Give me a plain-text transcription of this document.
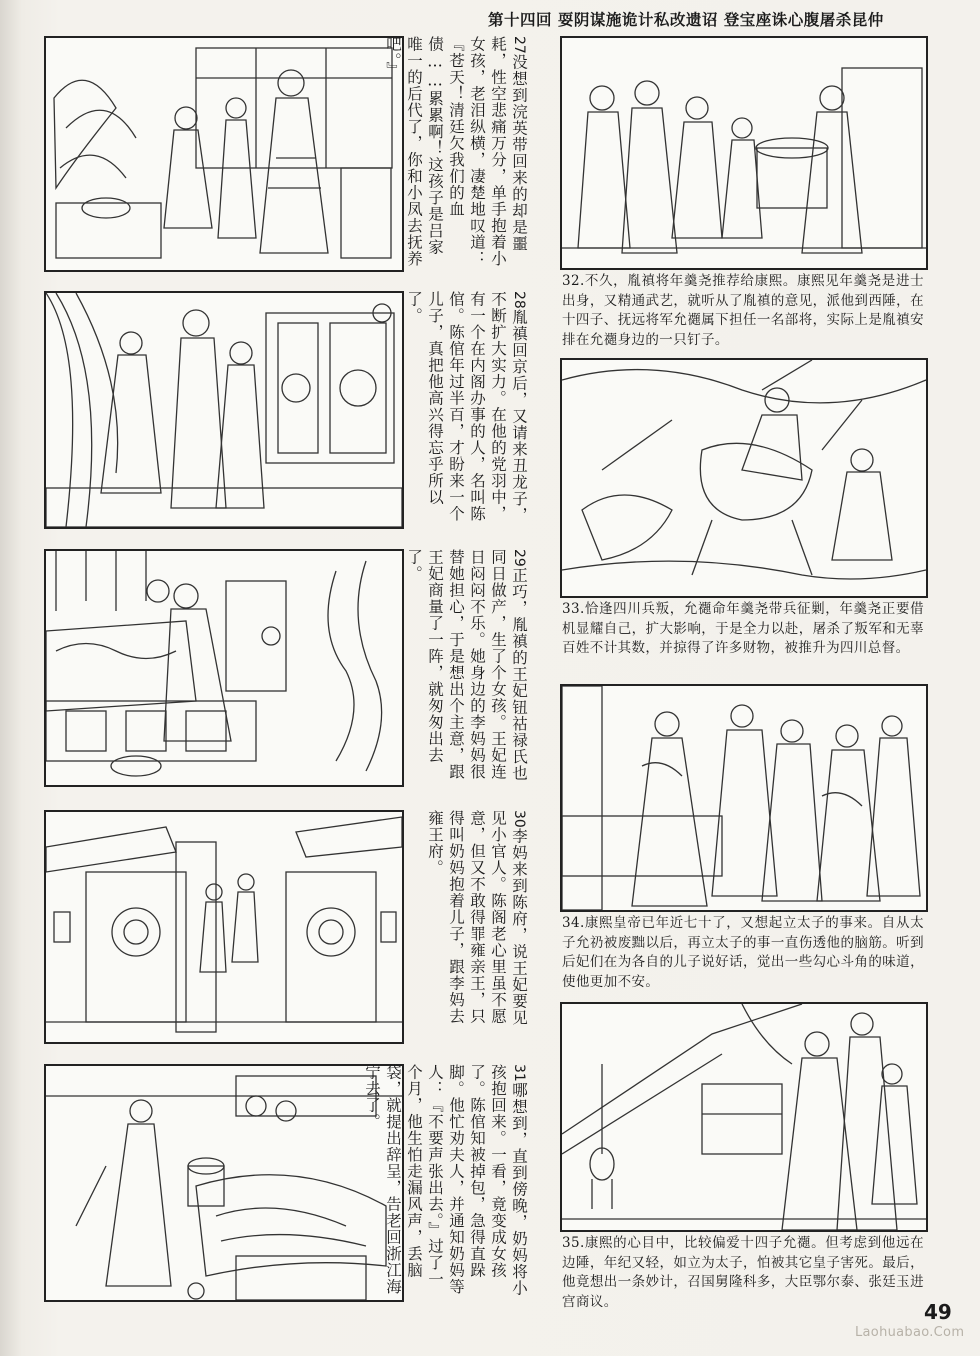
第十四回 耍阴谋施诡计私改遗诏 登宝座诛心腹屠杀昆仲
27没想到浣英带回来的却是噩耗，性空悲痛万分，单手抱着小女孩，老泪纵横，凄楚地叹道：『苍天！清廷欠我们的血债……累累啊！这孩子是吕家唯一的后代了，你和小凤去抚养吧。』
28胤禛回京后，又请来丑龙子，不断扩大实力。在他的党羽中，有一个在内阁办事的人，名叫陈倌。陈倌年过半百，才盼来一个儿子，真把他高兴得忘乎所以了。
29正巧，胤禛的王妃钮祜禄氏也同日做产，生了个女孩。王妃连日闷闷不乐。她身边的李妈妈很替她担心，于是想出个主意，跟王妃商量了一阵，就匆匆出去了。
30李妈来到陈府，说王妃要见见小官人。陈阁老心里虽不愿意，但又不敢得罪雍亲王，只得叫奶妈抱着儿子，跟李妈去雍王府。
31哪想到，直到傍晚，奶妈将小孩抱回来。一看，竟变成女孩了。陈倌知被掉包，急得直跺脚。他忙劝夫人，并通知奶妈等人：『不要声张出去。』过了一个月，他生怕走漏风声，丢脑袋，就提出辞呈，告老回浙江海宁去了。
32.不久，胤禛将年羹尧推荐给康熙。康熙见年羹尧是进士出身，又精通武艺，就听从了胤禛的意见，派他到西陲，在十四子、抚远将军允禵属下担任一名部将，实际上是胤禛安排在允禵身边的一只钉子。
33.恰逢四川兵叛，允禵命年羹尧带兵征剿，年羹尧正要借机显耀自己，扩大影响，于是全力以赴，屠杀了叛军和无辜百姓不计其数，并掠得了许多财物，被推升为四川总督。
34.康熙皇帝已年近七十了，又想起立太子的事来。自从太子允礽被废黜以后，再立太子的事一直伤透他的脑筋。听到后妃们在为各自的儿子说好话，觉出一些勾心斗角的味道，使他更加不安。
35.康熙的心目中，比较偏爱十四子允禵。但考虑到他远在边陲，年纪又轻，如立为太子，怕被其它皇子害死。最后，他竟想出一条妙计，召国舅隆科多，大臣鄂尔泰、张廷玉进宫商议。	49
Laohuabao.Com
